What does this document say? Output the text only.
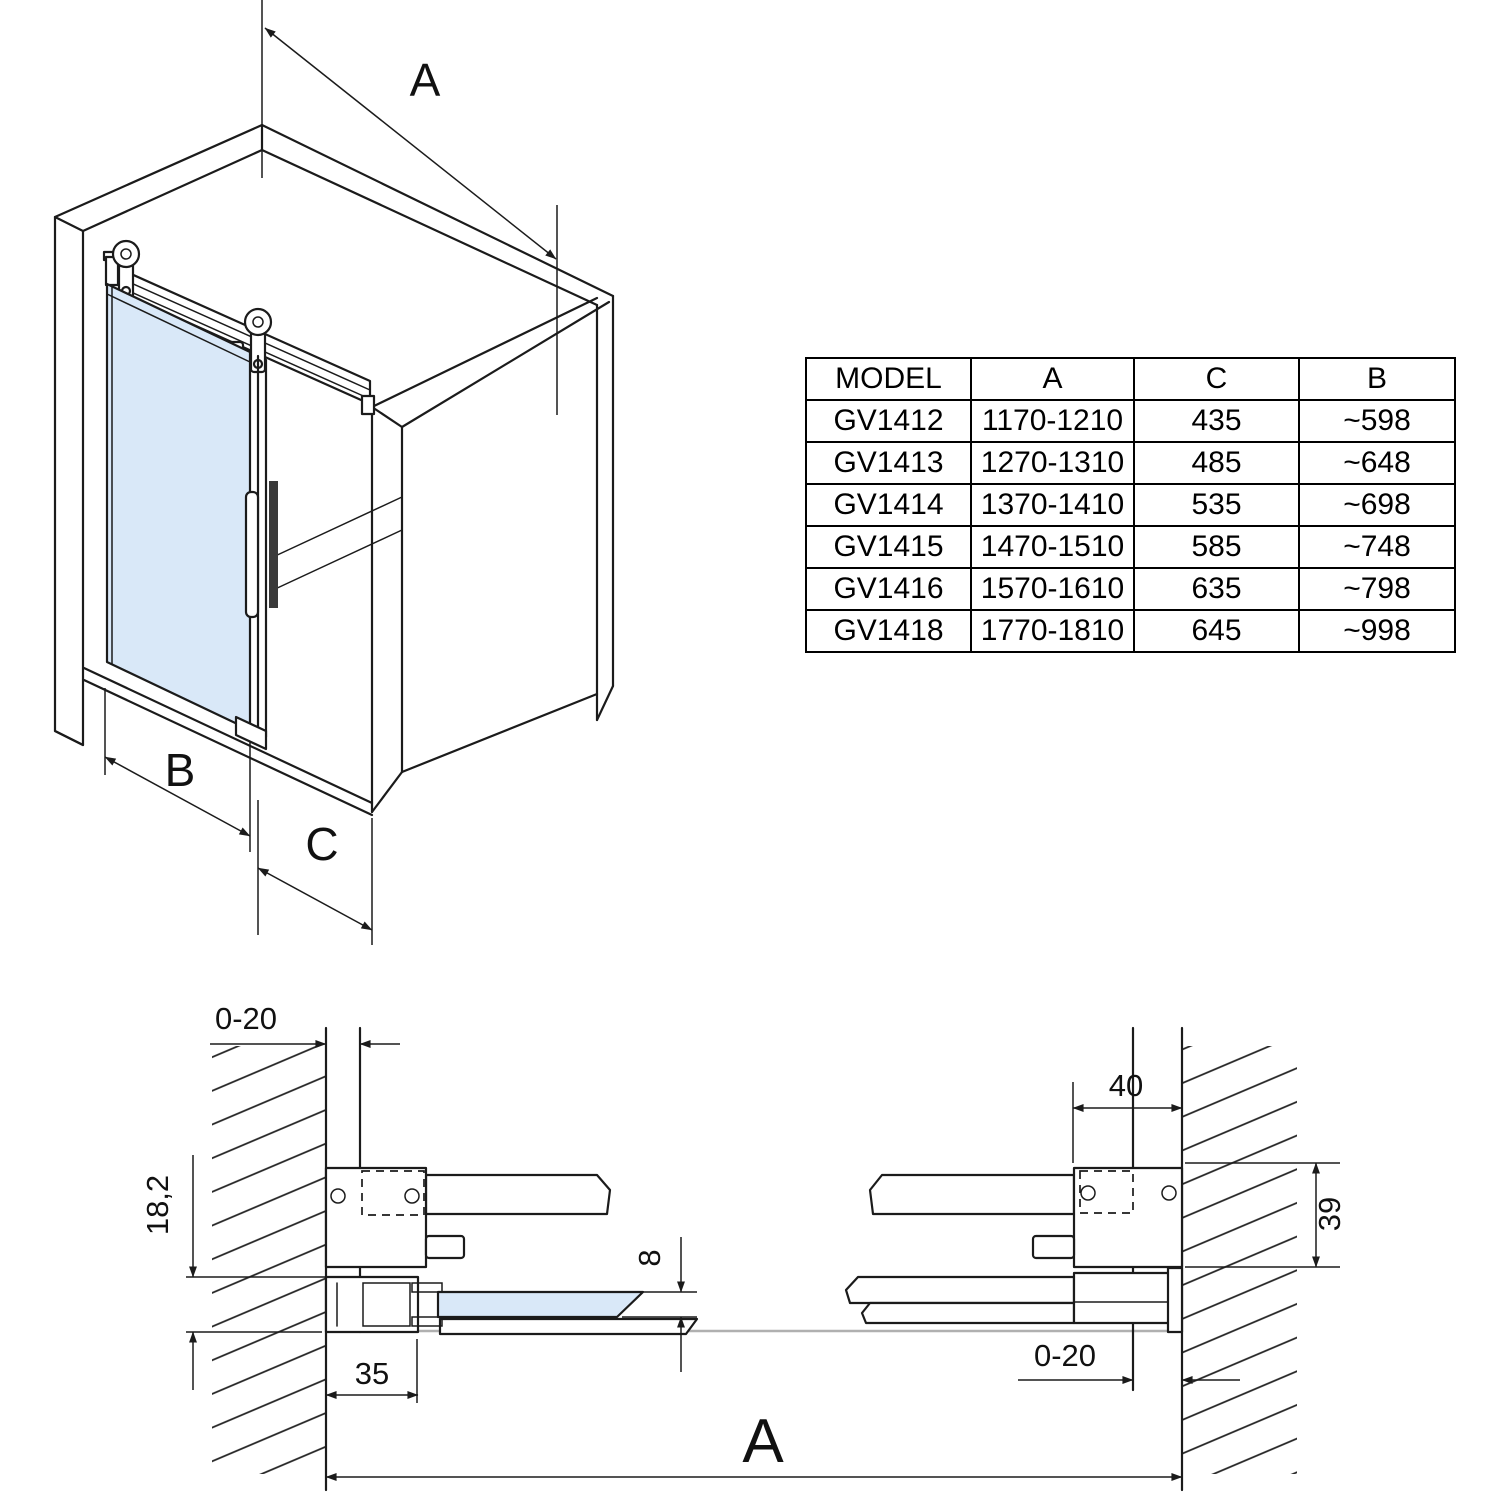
A
B
C
0-20
18,2
35
8
40
39
0-20
A
MODEL	A	C	B
GV1412	1170-1210	435	~598
GV1413	1270-1310	485	~648
GV1414	1370-1410	535	~698
GV1415	1470-1510	585	~748
GV1416	1570-1610	635	~798
GV1418	1770-1810	645	~998
